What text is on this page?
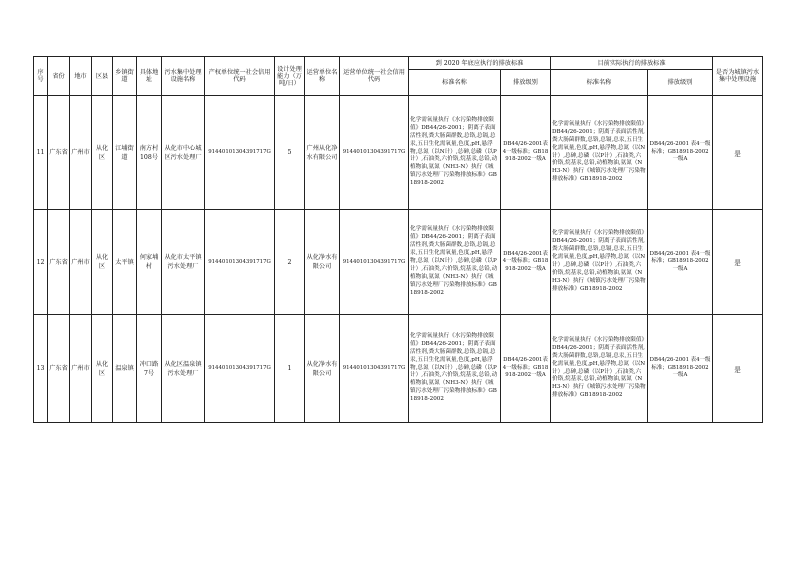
序号	省份	地市	区县	乡镇街道	具体地址	污水集中处理设施名称	产权单位统一社会信用代码	设计处理能力（万吨/日）	运营单位名称	运营单位统一社会信用代码	到 2020 年底应执行的排放标准		目前实际执行的排放标准		是否为城镇污水集中处理设施
											标准名称	排放级别	标准名称	排放级别	
11	广东省	广州市	从化区	江埔街道	南方村108号	从化市中心城区污水处理厂	91440101304391717G	5	广州从化净水有限公司	91440101304391717G	化学需氧量执行《水污染物排放限值》DB44/26-2001；阴离子表面活性剂,粪大肠菌群数,总铬,总镉,总汞,五日生化需氧量,色度,pH,悬浮物,总氮（以N计）,总砷,总磷（以P计）,石油类,六价铬,烷基汞,总铅,动植物油,氨氮（NH3-N）执行《城镇污水处理厂污染物排放标准》GB18918-2002	DB44/26-2001表4一级标准；GB18918-2002一级A	化学需氧量执行《水污染物排放限值》DB44/26-2001；阴离子表面活性剂,粪大肠菌群数,总铬,总镉,总汞,五日生化需氧量,色度,pH,悬浮物,总氮（以N计）,总砷,总磷（以P计）,石油类,六价铬,烷基汞,总铅,动植物油,氨氮（NH3-N）执行《城镇污水处理厂污染物排放标准》GB18918-2002	DB44/26-2001 表4一级标准；GB18918-2002 一级A	是
12	广东省	广州市	从化区	太平镇	何家埔村	从化市太平镇污水处理厂	91440101304391717G	2	从化净水有限公司	91440101304391717G	化学需氧量执行《水污染物排放限值》DB44/26-2001；阴离子表面活性剂,粪大肠菌群数,总铬,总镉,总汞,五日生化需氧量,色度,pH,悬浮物,总氮（以N计）,总砷,总磷（以P计）,石油类,六价铬,烷基汞,总铅,动植物油,氨氮（NH3-N）执行《城镇污水处理厂污染物排放标准》GB18918-2002	DB44/26-2001表4一级标准；GB18918-2002一级A	化学需氧量执行《水污染物排放限值》DB44/26-2001；阴离子表面活性剂,粪大肠菌群数,总铬,总镉,总汞,五日生化需氧量,色度,pH,悬浮物,总氮（以N计）,总砷,总磷（以P计）,石油类,六价铬,烷基汞,总铅,动植物油,氨氮（NH3-N）执行《城镇污水处理厂污染物排放标准》GB18918-2002	DB44/26-2001 表4一级标准；GB18918-2002 一级A	是
13	广东省	广州市	从化区	温泉镇	冲口路7号	从化区温泉镇污水处理厂	91440101304391717G	1	从化净水有限公司	91440101304391717G	化学需氧量执行《水污染物排放限值》DB44/26-2001；阴离子表面活性剂,粪大肠菌群数,总铬,总镉,总汞,五日生化需氧量,色度,pH,悬浮物,总氮（以N计）,总砷,总磷（以P计）,石油类,六价铬,烷基汞,总铅,动植物油,氨氮（NH3-N）执行《城镇污水处理厂污染物排放标准》GB18918-2002	DB44/26-2001表4一级标准；GB18918-2002一级A	化学需氧量执行《水污染物排放限值》DB44/26-2001；阴离子表面活性剂,粪大肠菌群数,总铬,总镉,总汞,五日生化需氧量,色度,pH,悬浮物,总氮（以N计）,总砷,总磷（以P计）,石油类,六价铬,烷基汞,总铅,动植物油,氨氮（NH3-N）执行《城镇污水处理厂污染物排放标准》GB18918-2002	DB44/26-2001 表4一级标准；GB18918-2002 一级A	是
